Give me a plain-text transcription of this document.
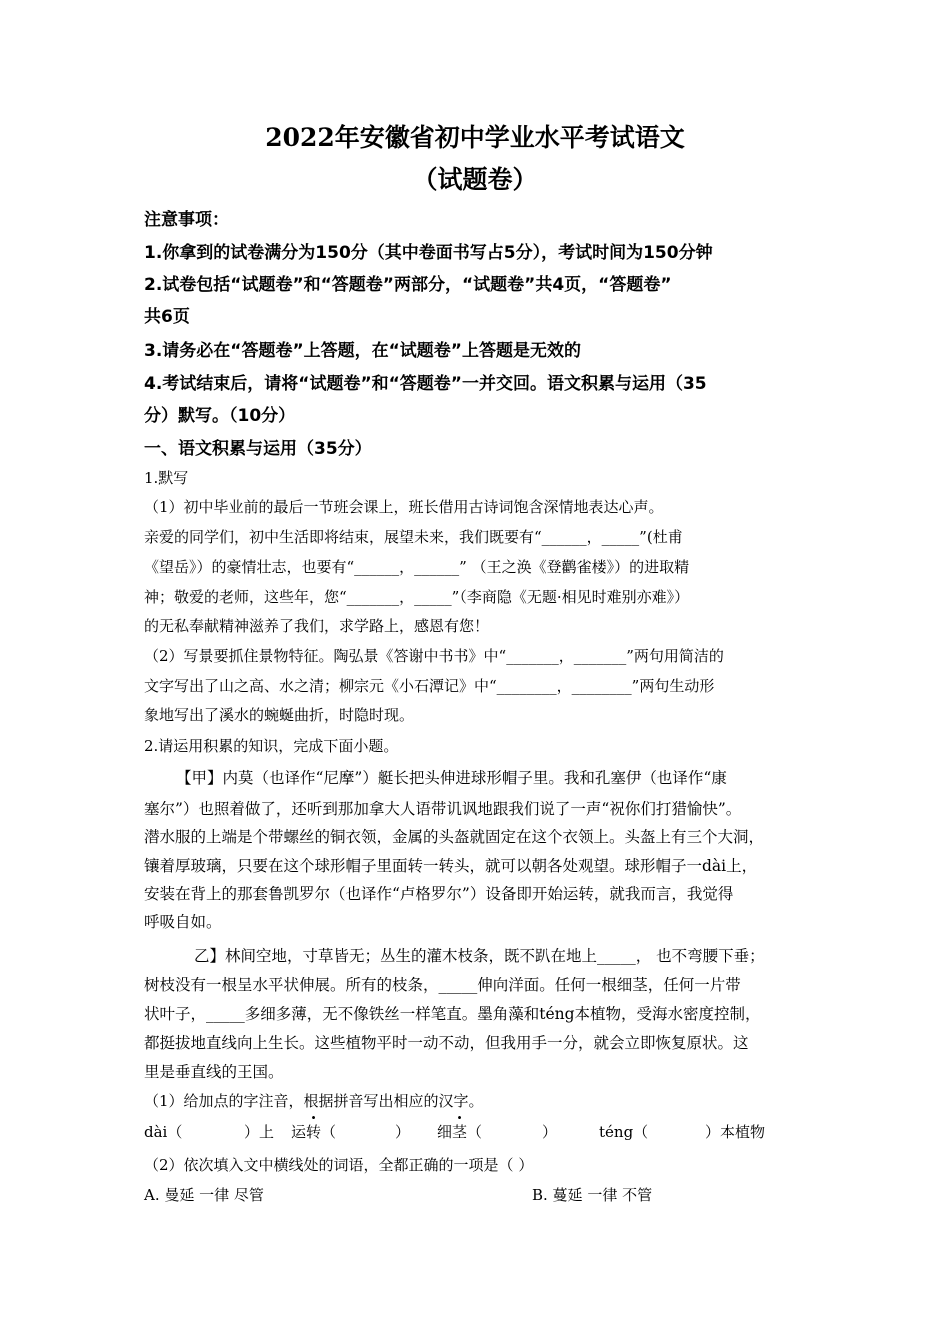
2022年安徽省初中学业水平考试语文
（试题卷）
注意事项：
1.你拿到的试卷满分为150分（其中卷面书写占5分），考试时间为150分钟
2.试卷包括“试题卷”和“答题卷”两部分，“试题卷”共4页，“答题卷”
共6页
3.请务必在“答题卷”上答题，在“试题卷”上答题是无效的
4.考试结束后，请将“试题卷”和“答题卷”一并交回。语文积累与运用（35
分）默写。（10分）
一、语文积累与运用（35分）
1.默写
（1）初中毕业前的最后一节班会课上，班长借用古诗词饱含深情地表达心声。
亲爱的同学们，初中生活即将结束，展望未来，我们既要有“______，_____”(杜甫
《望岳》）的豪情壮志，也要有“______，______” （王之涣《登鹳雀楼》）的进取精
神；敬爱的老师，这些年，您“_______，_____”（李商隐《无题·相见时难别亦难》）
的无私奉献精神滋养了我们，求学路上，感恩有您！
（2）写景要抓住景物特征。陶弘景《答谢中书书》中“_______，_______”两句用简洁的
文字写出了山之高、水之清；柳宗元《小石潭记》中“________，________”两句生动形
象地写出了溪水的蜿蜒曲折，时隐时现。
2.请运用积累的知识，完成下面小题。
【甲】内莫（也译作“尼摩”）艇长把头伸进球形帽子里。我和孔塞伊（也译作“康
塞尔”）也照着做了，还听到那加拿大人语带讥讽地跟我们说了一声“祝你们打猎愉快”。
潜水服的上端是个带螺丝的铜衣领，金属的头盔就固定在这个衣领上。头盔上有三个大洞，
镶着厚玻璃，只要在这个球形帽子里面转一转头，就可以朝各处观望。球形帽子一dài上，
安装在背上的那套鲁凯罗尔（也译作“卢格罗尔”）设备即开始运转，就我而言，我觉得
呼吸自如。
乙】林间空地，寸草皆无；丛生的灌木枝条，既不趴在地上_____， 也不弯腰下垂；
树枝没有一根呈水平状伸展。所有的枝条，_____伸向洋面。任何一根细茎，任何一片带
状叶子，_____多细多薄，无不像铁丝一样笔直。墨角藻和téng本植物，受海水密度控制，
都挺拔地直线向上生长。这些植物平时一动不动，但我用手一分，就会立即恢复原状。这
里是垂直线的王国。
（1）给加点的字注音，根据拼音写出相应的汉字。
dài（	）上 运转（	） 细茎（	）	téng（	）本植物
（2）依次填入文中横线处的词语，全都正确的一项是（ ）
A. 曼延 一律 尽管	B. 蔓延 一律 不管
